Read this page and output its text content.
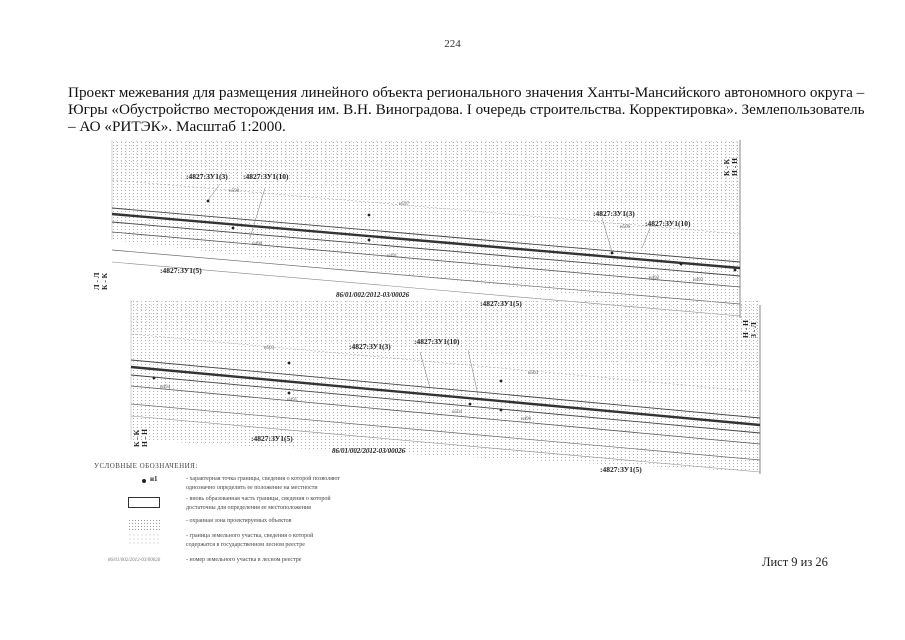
224
Проект межевания для размещения линейного объекта регионального значения Ханты-Мансийского автономного округа –
Югры «Обустройство месторождения им. В.Н. Виноградова. I очередь строительства. Корректировка». Землепользователь
– АО «РИТЭК». Масштаб 1:2000.
:4827:ЗУ1(3) :4827:ЗУ1(10)
:4827:ЗУ1(3)
:4827:ЗУ1(10)
:4827:ЗУ1(5)
:4827:ЗУ1(5)
86/01/002/2012-03/00026
н598
н597
н490
н491
н506
н492	н493
К - К Н - Н
Л - Л К - К
:4827:ЗУ1(3)
:4827:ЗУ1(10)
:4827:ЗУ1(5)
:4827:ЗУ1(5)
86/01/002/2012-03/00026
н503
н503
н494
н495
н504
н496
Н - Н З - Л
К - К Н - Н
УСЛОВНЫЕ ОБОЗНАЧЕНИЯ:
н1	- характерная точка границы, сведения о которой позволяют
однозначно определить ее положение на местности
- вновь образованная часть границы, сведения о которой
достаточны для определения ее местоположения
- охранная зона проектируемых объектов
- граница земельного участка, сведения о которой
содержатся в государственном лесном реестре
86/01/002/2012-03/00026	- номер земельного участка в лесном реестре	Лист 9 из 26
